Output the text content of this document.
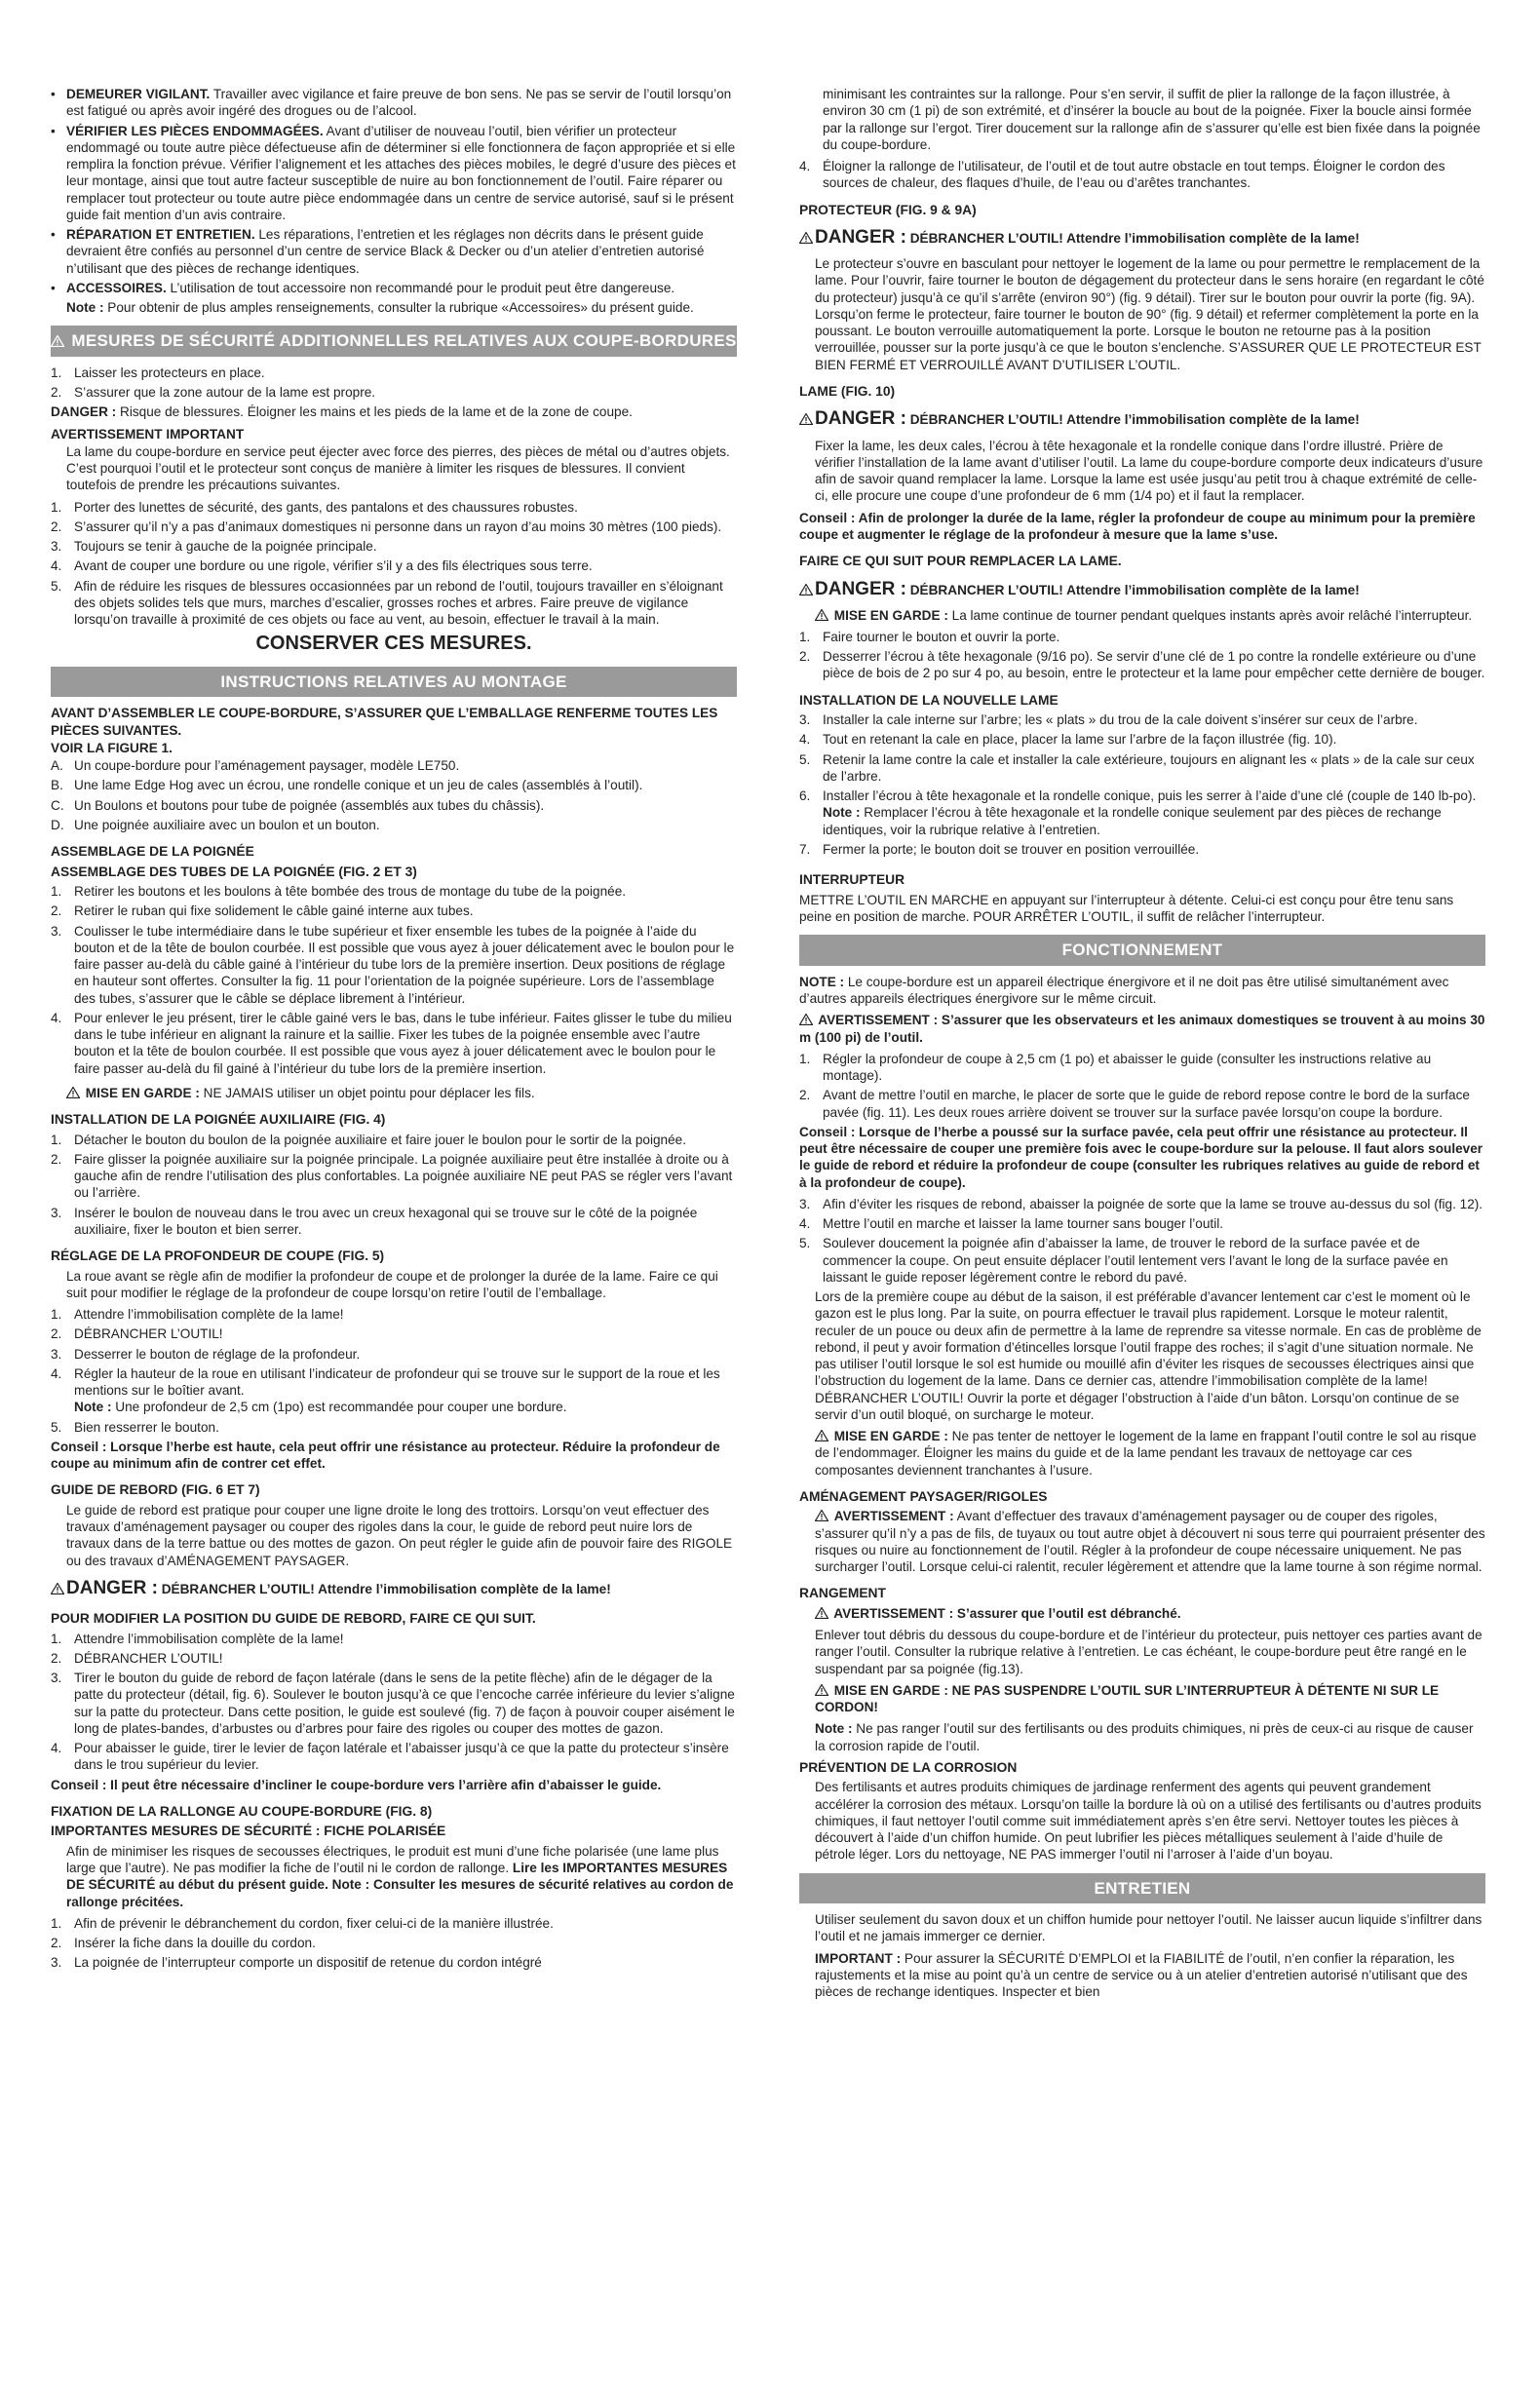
• DEMEURER VIGILANT. Travailler avec vigilance et faire preuve de bon sens. Ne pas se servir de l’outil lorsqu’on est fatigué ou après avoir ingéré des drogues ou de l’alcool.
• VÉRIFIER LES PIÈCES ENDOMMAGÉES. Avant d’utiliser de nouveau l’outil, bien vérifier un protecteur endommagé ou toute autre pièce défectueuse afin de déterminer si elle fonctionnera de façon appropriée et si elle remplira la fonction prévue. Vérifier l’alignement et les attaches des pièces mobiles, le degré d’usure des pièces et leur montage, ainsi que tout autre facteur susceptible de nuire au bon fonctionnement de l’outil. Faire réparer ou remplacer tout protecteur ou toute autre pièce endommagée dans un centre de service autorisé, sauf si le présent guide fait mention d’un avis contraire.
• RÉPARATION ET ENTRETIEN. Les réparations, l’entretien et les réglages non décrits dans le présent guide devraient être confiés au personnel d’un centre de service Black & Decker ou d’un atelier d’entretien autorisé n’utilisant que des pièces de rechange identiques.
• ACCESSOIRES. L’utilisation de tout accessoire non recommandé pour le produit peut être dangereuse.

Note : Pour obtenir de plus amples renseignements, consulter la rubrique «Accessoires» du présent guide.

MESURES DE SÉCURITÉ ADDITIONNELLES RELATIVES AUX COUPE-BORDURES
1. Laisser les protecteurs en place.
2. S’assurer que la zone autour de la lame est propre.

DANGER : Risque de blessures. Éloigner les mains et les pieds de la lame et de la zone de coupe.

AVERTISSEMENT IMPORTANT

La lame du coupe-bordure en service peut éjecter avec force des pierres, des pièces de métal ou d’autres objets. C’est pourquoi l’outil et le protecteur sont conçus de manière à limiter les risques de blessures. Il convient toutefois de prendre les précautions suivantes.

1. Porter des lunettes de sécurité, des gants, des pantalons et des chaussures robustes.
2. S’assurer qu’il n’y a pas d’animaux domestiques ni personne dans un rayon d’au moins 30 mètres (100 pieds).
3. Toujours se tenir à gauche de la poignée principale.
4. Avant de couper une bordure ou une rigole, vérifier s’il y a des fils électriques sous terre.
5. Afin de réduire les risques de blessures occasionnées par un rebond de l’outil, toujours travailler en s’éloignant des objets solides tels que murs, marches d’escalier, grosses roches et arbres. Faire preuve de vigilance lorsqu’on travaille à proximité de ces objets ou face au vent, au besoin, effectuer le travail à la main.
CONSERVER CES MESURES.
INSTRUCTIONS RELATIVES AU MONTAGE

AVANT D’ASSEMBLER LE COUPE-BORDURE, S’ASSURER QUE L’EMBALLAGE RENFERME TOUTES LES PIÈCES SUIVANTES.

VOIR LA FIGURE 1.

A. Un coupe-bordure pour l’aménagement paysager, modèle LE750.
B. Une lame Edge Hog avec un écrou, une rondelle conique et un jeu de cales (assemblés à l’outil).
C. Un Boulons et boutons pour tube de poignée (assemblés aux tubes du châssis).
D. Une poignée auxiliaire avec un boulon et un bouton.

ASSEMBLAGE DE LA POIGNÉE

ASSEMBLAGE DES TUBES DE LA POIGNÉE (FIG. 2 ET 3)

1. Retirer les boutons et les boulons à tête bombée des trous de montage du tube de la poignée.
2. Retirer le ruban qui fixe solidement le câble gainé interne aux tubes.
3. Coulisser le tube intermédiaire dans le tube supérieur et fixer ensemble les tubes de la poignée à l’aide du bouton et de la tête de boulon courbée. Il est possible que vous ayez à jouer délicatement avec le boulon pour le faire passer au-delà du câble gainé à l’intérieur du tube lors de la première insertion. Deux positions de réglage en hauteur sont offertes. Consulter la fig. 11 pour l’orientation de la poignée supérieure. Lors de l’assemblage des tubes, s’assurer que le câble se déplace librement à l’intérieur.
4. Pour enlever le jeu présent, tirer le câble gainé vers le bas, dans le tube inférieur. Faites glisser le tube du milieu dans le tube inférieur en alignant la rainure et la saillie. Fixer les tubes de la poignée ensemble avec l’autre bouton et la tête de boulon courbée. Il est possible que vous ayez à jouer délicatement avec le boulon pour le faire passer au-delà du fil gainé à l’intérieur du tube lors de la première insertion.

MISE EN GARDE : NE JAMAIS utiliser un objet pointu pour déplacer les fils.

INSTALLATION DE LA POIGNÉE AUXILIAIRE (FIG. 4)

1. Détacher le bouton du boulon de la poignée auxiliaire et faire jouer le boulon pour le sortir de la poignée.
2. Faire glisser la poignée auxiliaire sur la poignée principale. La poignée auxiliaire peut être installée à droite ou à gauche afin de rendre l’utilisation des plus confortables. La poignée auxiliaire NE peut PAS se régler vers l’avant ou l’arrière.
3. Insérer le boulon de nouveau dans le trou avec un creux hexagonal qui se trouve sur le côté de la poignée auxiliaire, fixer le bouton et bien serrer.

RÉGLAGE DE LA PROFONDEUR DE COUPE (FIG. 5)

La roue avant se règle afin de modifier la profondeur de coupe et de prolonger la durée de la lame. Faire ce qui suit pour modifier le réglage de la profondeur de coupe lorsqu’on retire l’outil de l’emballage.

1. Attendre l’immobilisation complète de la lame!
2. DÉBRANCHER L’OUTIL!
3. Desserrer le bouton de réglage de la profondeur.
4. Régler la hauteur de la roue en utilisant l’indicateur de profondeur qui se trouve sur le support de la roue et les mentions sur le boîtier avant.
Note : Une profondeur de 2,5 cm (1po) est recommandée pour couper une bordure.
5. Bien resserrer le bouton.

Conseil : Lorsque l’herbe est haute, cela peut offrir une résistance au protecteur. Réduire la profondeur de coupe au minimum afin de contrer cet effet.

GUIDE DE REBORD (FIG. 6 ET 7)

Le guide de rebord est pratique pour couper une ligne droite le long des trottoirs. Lorsqu’on veut effectuer des travaux d’aménagement paysager ou couper des rigoles dans la cour, le guide de rebord peut nuire lors de travaux dans de la terre battue ou des mottes de gazon. On peut régler le guide afin de pouvoir faire des RIGOLE ou des travaux d’AMÉNAGEMENT PAYSAGER.

DANGER : DÉBRANCHER L’OUTIL! Attendre l’immobilisation complète de la lame!

POUR MODIFIER LA POSITION DU GUIDE DE REBORD, FAIRE CE QUI SUIT.

1. Attendre l’immobilisation complète de la lame!
2. DÉBRANCHER L’OUTIL!
3. Tirer le bouton du guide de rebord de façon latérale (dans le sens de la petite flèche) afin de le dégager de la patte du protecteur (détail, fig. 6). Soulever le bouton jusqu’à ce que l’encoche carrée inférieure du levier s’aligne sur la patte du protecteur. Dans cette position, le guide est soulevé (fig. 7) de façon à pouvoir couper aisément le long de plates-bandes, d’arbustes ou d’arbres pour faire des rigoles ou couper des mottes de gazon.
4. Pour abaisser le guide, tirer le levier de façon latérale et l’abaisser jusqu’à ce que la patte du protecteur s’insère dans le trou supérieur du levier.

Conseil : Il peut être nécessaire d’incliner le coupe-bordure vers l’arrière afin d’abaisser le guide.

FIXATION DE LA RALLONGE AU COUPE-BORDURE (FIG. 8)

IMPORTANTES MESURES DE SÉCURITÉ : FICHE POLARISÉE

Afin de minimiser les risques de secousses électriques, le produit est muni d’une fiche polarisée (une lame plus large que l’autre). Ne pas modifier la fiche de l’outil ni le cordon de rallonge. Lire les IMPORTANTES MESURES DE SÉCURITÉ au début du présent guide. Note : Consulter les mesures de sécurité relatives au cordon de rallonge précitées.

1. Afin de prévenir le débranchement du cordon, fixer celui-ci de la manière illustrée.
2. Insérer la fiche dans la douille du cordon.
3. La poignée de l’interrupteur comporte un dispositif de retenue du cordon intégré

minimisant les contraintes sur la rallonge. Pour s’en servir, il suffit de plier la rallonge de la façon illustrée, à environ 30 cm (1 pi) de son extrémité, et d’insérer la boucle au bout de la poignée. Fixer la boucle ainsi formée par la rallonge sur l’ergot. Tirer doucement sur la rallonge afin de s’assurer qu’elle est bien fixée dans la poignée du coupe-bordure.

4. Éloigner la rallonge de l’utilisateur, de l’outil et de tout autre obstacle en tout temps. Éloigner le cordon des sources de chaleur, des flaques d’huile, de l’eau ou d’arêtes tranchantes.

PROTECTEUR (FIG. 9 & 9A)

DANGER : DÉBRANCHER L’OUTIL! Attendre l’immobilisation complète de la lame!

Le protecteur s’ouvre en basculant pour nettoyer le logement de la lame ou pour permettre le remplacement de la lame. Pour l’ouvrir, faire tourner le bouton de dégagement du protecteur dans le sens horaire (en regardant le côté du protecteur) jusqu’à ce qu’il s’arrête (environ 90°) (fig. 9 détail). Tirer sur le bouton pour ouvrir la porte (fig. 9A). Lorsqu’on ferme le protecteur, faire tourner le bouton de 90° (fig. 9 détail) et refermer complètement la porte en la poussant. Le bouton verrouille automatiquement la porte. Lorsque le bouton ne retourne pas à la position verrouillée, pousser sur la porte jusqu’à ce que le bouton s’enclenche. S’ASSURER QUE LE PROTECTEUR EST BIEN FERMÉ ET VERROUILLÉ AVANT D’UTILISER L’OUTIL.

LAME (FIG. 10)

DANGER : DÉBRANCHER L’OUTIL! Attendre l’immobilisation complète de la lame!

Fixer la lame, les deux cales, l’écrou à tête hexagonale et la rondelle conique dans l’ordre illustré. Prière de vérifier l’installation de la lame avant d’utiliser l’outil. La lame du coupe-bordure comporte deux indicateurs d’usure afin de savoir quand remplacer la lame. Lorsque la lame est usée jusqu’au petit trou à chaque extrémité de celle-ci, elle procure une coupe d’une profondeur de 6 mm (1/4 po) et il faut la remplacer.

Conseil : Afin de prolonger la durée de la lame, régler la profondeur de coupe au minimum pour la première coupe et augmenter le réglage de la profondeur à mesure que la lame s’use.

FAIRE CE QUI SUIT POUR REMPLACER LA LAME.

DANGER : DÉBRANCHER L’OUTIL! Attendre l’immobilisation complète de la lame!

MISE EN GARDE : La lame continue de tourner pendant quelques instants après avoir relâché l’interrupteur.

1. Faire tourner le bouton et ouvrir la porte.
2. Desserrer l’écrou à tête hexagonale (9/16 po). Se servir d’une clé de 1 po contre la rondelle extérieure ou d’une pièce de bois de 2 po sur 4 po, au besoin, entre le protecteur et la lame pour empêcher cette dernière de bouger.

INSTALLATION DE LA NOUVELLE LAME

3. Installer la cale interne sur l’arbre; les « plats » du trou de la cale doivent s’insérer sur ceux de l’arbre.
4. Tout en retenant la cale en place, placer la lame sur l’arbre de la façon illustrée (fig. 10).
5. Retenir la lame contre la cale et installer la cale extérieure, toujours en alignant les « plats » de la cale sur ceux de l’arbre.
6. Installer l’écrou à tête hexagonale et la rondelle conique, puis les serrer à l’aide d’une clé (couple de 140 lb-po).
Note : Remplacer l’écrou à tête hexagonale et la rondelle conique seulement par des pièces de rechange identiques, voir la rubrique relative à l’entretien.
7. Fermer la porte; le bouton doit se trouver en position verrouillée.

INTERRUPTEUR

METTRE L’OUTIL EN MARCHE en appuyant sur l’interrupteur à détente. Celui-ci est conçu pour être tenu sans peine en position de marche. POUR ARRÊTER L’OUTIL, il suffit de relâcher l’interrupteur.

FONCTIONNEMENT

NOTE : Le coupe-bordure est un appareil électrique énergivore et il ne doit pas être utilisé simultanément avec d’autres appareils électriques énergivore sur le même circuit.

AVERTISSEMENT : S’assurer que les observateurs et les animaux domestiques se trouvent à au moins 30 m (100 pi) de l’outil.

1. Régler la profondeur de coupe à 2,5 cm (1 po) et abaisser le guide (consulter les instructions relative au montage).
2. Avant de mettre l’outil en marche, le placer de sorte que le guide de rebord repose contre le bord de la surface pavée (fig. 11). Les deux roues arrière doivent se trouver sur la surface pavée lorsqu’on coupe la bordure.

Conseil : Lorsque de l’herbe a poussé sur la surface pavée, cela peut offrir une résistance au protecteur. Il peut être nécessaire de couper une première fois avec le coupe-bordure sur la pelouse. Il faut alors soulever le guide de rebord et réduire la profondeur de coupe (consulter les rubriques relatives au guide de rebord et à la profondeur de coupe).

3. Afin d’éviter les risques de rebond, abaisser la poignée de sorte que la lame se trouve au-dessus du sol (fig. 12).
4. Mettre l’outil en marche et laisser la lame tourner sans bouger l’outil.
5. Soulever doucement la poignée afin d’abaisser la lame, de trouver le rebord de la surface pavée et de commencer la coupe. On peut ensuite déplacer l’outil lentement vers l’avant le long de la surface pavée en laissant le guide reposer légèrement contre le rebord du pavé.

Lors de la première coupe au début de la saison, il est préférable d’avancer lentement car c’est le moment où le gazon est le plus long. Par la suite, on pourra effectuer le travail plus rapidement. Lorsque le moteur ralentit, reculer de un pouce ou deux afin de permettre à la lame de reprendre sa vitesse normale. En cas de problème de rebond, il peut y avoir formation d’étincelles lorsque l’outil frappe des roches; il s’agit d’une situation normale. Ne pas utiliser l’outil lorsque le sol est humide ou mouillé afin d’éviter les risques de secousses électriques ainsi que l’obstruction du logement de la lame. Dans ce dernier cas, attendre l’immobilisation complète de la lame! DÉBRANCHER L’OUTIL! Ouvrir la porte et dégager l’obstruction à l’aide d’un bâton. Lorsqu’on continue de se servir d’un outil bloqué, on surcharge le moteur.

MISE EN GARDE : Ne pas tenter de nettoyer le logement de la lame en frappant l’outil contre le sol au risque de l’endommager. Éloigner les mains du guide et de la lame pendant les travaux de nettoyage car ces composantes deviennent tranchantes à l’usure.

AMÉNAGEMENT PAYSAGER/RIGOLES

AVERTISSEMENT : Avant d’effectuer des travaux d’aménagement paysager ou de couper des rigoles, s’assurer qu’il n’y a pas de fils, de tuyaux ou tout autre objet à découvert ni sous terre qui pourraient présenter des risques ou nuire au fonctionnement de l’outil. Régler à la profondeur de coupe nécessaire uniquement. Ne pas surcharger l’outil. Lorsque celui-ci ralentit, reculer légèrement et attendre que la lame tourne à son régime normal.

RANGEMENT

AVERTISSEMENT : S’assurer que l’outil est débranché.

Enlever tout débris du dessous du coupe-bordure et de l’intérieur du protecteur, puis nettoyer ces parties avant de ranger l’outil. Consulter la rubrique relative à l’entretien. Le cas échéant, le coupe-bordure peut être rangé en le suspendant par sa poignée (fig.13).

MISE EN GARDE : NE PAS SUSPENDRE L’OUTIL SUR L’INTERRUPTEUR À DÉTENTE NI SUR LE CORDON!

Note : Ne pas ranger l’outil sur des fertilisants ou des produits chimiques, ni près de ceux-ci au risque de causer la corrosion rapide de l’outil.

PRÉVENTION DE LA CORROSION

Des fertilisants et autres produits chimiques de jardinage renferment des agents qui peuvent grandement accélérer la corrosion des métaux. Lorsqu’on taille la bordure là où on a utilisé des fertilisants ou d’autres produits chimiques, il faut nettoyer l’outil comme suit immédiatement après s’en être servi. Nettoyer toutes les pièces à découvert à l’aide d’un chiffon humide. On peut lubrifier les pièces métalliques seulement à l’aide d’huile de pétrole léger. Lors du nettoyage, NE PAS immerger l’outil ni l’arroser à l’aide d’un boyau.

ENTRETIEN

Utiliser seulement du savon doux et un chiffon humide pour nettoyer l’outil. Ne laisser aucun liquide s’infiltrer dans l’outil et ne jamais immerger ce dernier.

IMPORTANT : Pour assurer la SÉCURITÉ D’EMPLOI et la FIABILITÉ de l’outil, n’en confier la réparation, les rajustements et la mise au point qu’à un centre de service ou à un atelier d’entretien autorisé n’utilisant que des pièces de rechange identiques. Inspecter et bien
